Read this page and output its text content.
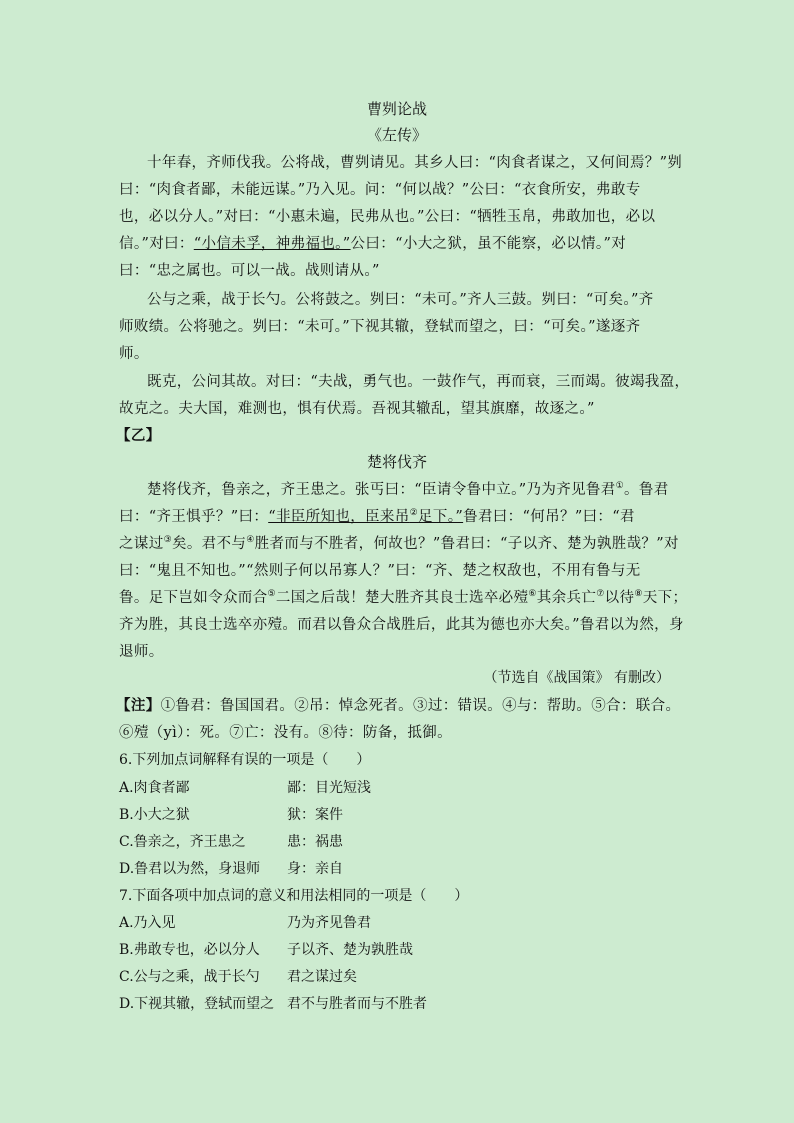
曹刿论战
《左传》
十年春，齐师伐我。公将战，曹刿请见。其乡人曰：“肉食者谋之，又何间焉？”刿
曰：“肉食者鄙，未能远谋。”乃入见。问：“何以战？”公曰：“衣食所安，弗敢专
也，必以分人。”对曰：“小惠未遍，民弗从也。”公曰：“牺牲玉帛，弗敢加也，必以
信。”对曰：“小信未孚，神弗福也。”公曰：“小大之狱，虽不能察，必以情。”对
曰：“忠之属也。可以一战。战则请从。”
公与之乘，战于长勺。公将鼓之。刿曰：“未可。”齐人三鼓。刿曰：“可矣。”齐
师败绩。公将驰之。刿曰：“未可。”下视其辙，登轼而望之，曰：“可矣。”遂逐齐
师。
既克，公问其故。对曰：“夫战，勇气也。一鼓作气，再而衰，三而竭。彼竭我盈，
故克之。夫大国，难测也，惧有伏焉。吾视其辙乱，望其旗靡，故逐之。”
【乙】
楚将伐齐
楚将伐齐，鲁亲之，齐王患之。张丐曰：“臣请令鲁中立。”乃为齐见鲁君①。鲁君
曰：“齐王惧乎？”曰：“非臣所知也，臣来吊②足下。”鲁君曰：“何吊？”曰：“君
之谋过③矣。君不与④胜者而与不胜者，何故也？”鲁君曰：“子以齐、楚为孰胜哉？”对
曰：“鬼且不知也。”“然则子何以吊寡人？”曰：“齐、楚之权敌也，不用有鲁与无
鲁。足下岂如令众而合⑤二国之后哉！楚大胜齐其良士选卒必殪⑥其余兵亡⑦以待⑧天下；
齐为胜，其良士选卒亦殪。而君以鲁众合战胜后，此其为德也亦大矣。”鲁君以为然，身
退师。
（节选自《战国策》 有删改）
【注】①鲁君：鲁国国君。②吊：悼念死者。③过：错误。④与：帮助。⑤合：联合。
⑥殪（yì）：死。⑦亡：没有。⑧待：防备，抵御。
6.下列加点词解释有误的一项是（　　）
A.肉食者鄙	鄙：目光短浅
B.小大之狱	狱：案件
C.鲁亲之，齐王患之	患：祸患
D.鲁君以为然，身退师 身：亲自
7.下面各项中加点词的意义和用法相同的一项是（　　）
A.乃入见	乃为齐见鲁君
B.弗敢专也，必以分人 子以齐、楚为孰胜哉
C.公与之乘，战于长勺 君之谋过矣
D.下视其辙，登轼而望之 君不与胜者而与不胜者
